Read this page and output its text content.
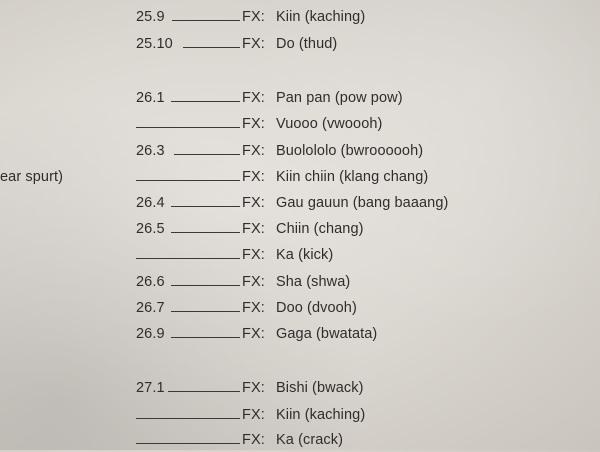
25.9	FX: Kiin (kaching)
25.10	FX: Do (thud)
26.1	FX: Pan pan (pow pow)
FX: Vuooo (vwoooh)
26.3	FX: Buolololo (bwroooooh)
ear spurt)	FX: Kiin chiin (klang chang)
26.4	FX: Gau gauun (bang baaang)
26.5	FX: Chiin (chang)
FX: Ka (kick)
26.6	FX: Sha (shwa)
26.7	FX: Doo (dvooh)
26.9	FX: Gaga (bwatata)
27.1	FX: Bishi (bwack)
FX: Kiin (kaching)
FX: Ka (crack)
